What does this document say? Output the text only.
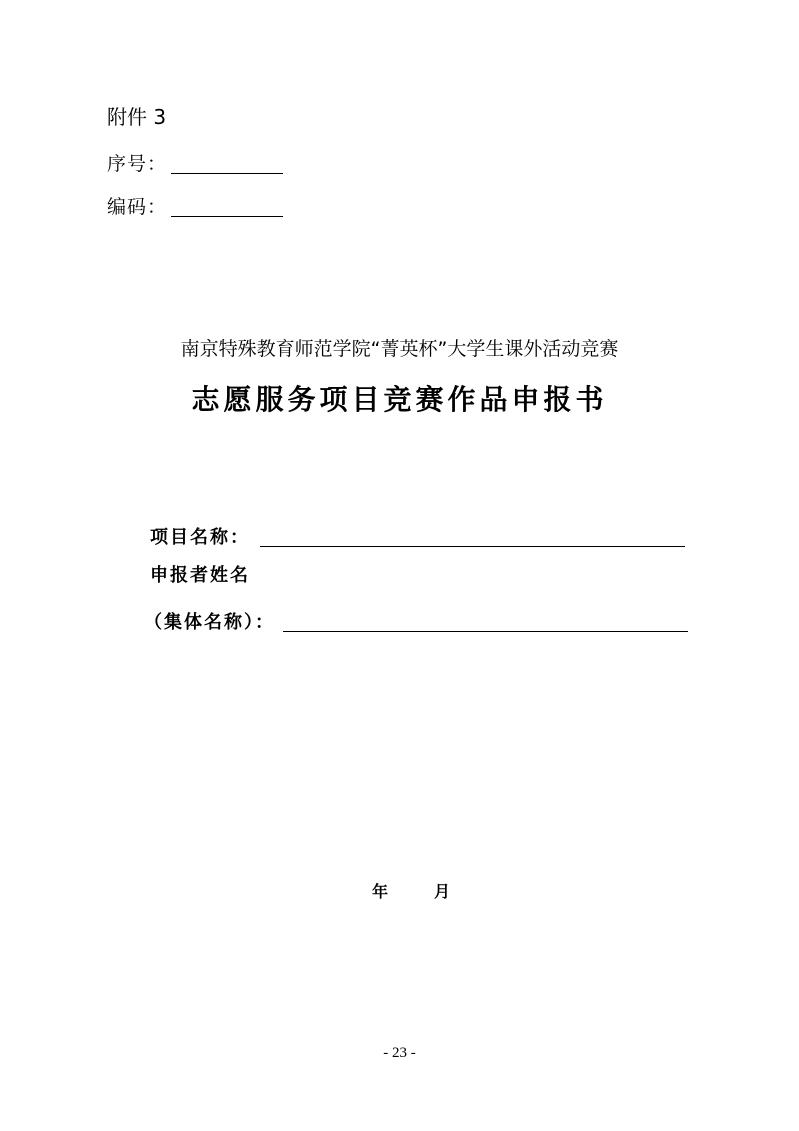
附件 3
序号：
编码：
南京特殊教育师范学院“菁英杯”大学生课外活动竞赛
志愿服务项目竞赛作品申报书
项目名称：
申报者姓名
（集体名称）：
年	月
- 23 -
